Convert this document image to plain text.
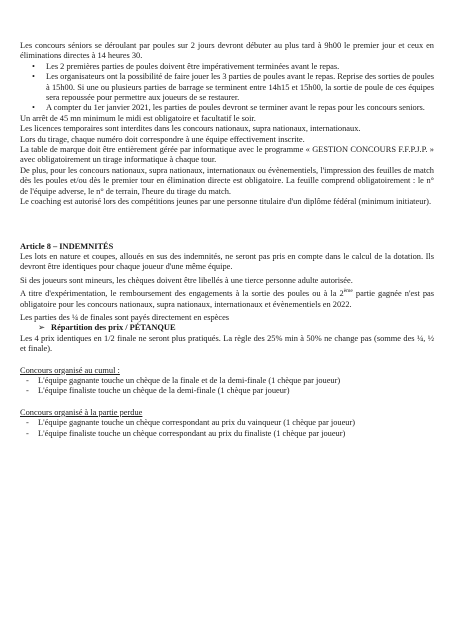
Les concours séniors se déroulant par poules sur 2 jours devront débuter au plus tard à 9h00 le premier jour et ceux en éliminations directes à 14 heures 30.

• Les 2 premières parties de poules doivent être impérativement terminées avant le repas.
• Les organisateurs ont la possibilité de faire jouer les 3 parties de poules avant le repas. Reprise des sorties de poules à 15h00. Si une ou plusieurs parties de barrage se terminent entre 14h15 et 15h00, la sortie de poule de ces équipes sera repoussée pour permettre aux joueurs de se restaurer.
• A compter du 1er janvier 2021, les parties de poules devront se terminer avant le repas pour les concours seniors.

Un arrêt de 45 mn minimum le midi est obligatoire et facultatif le soir.

Les licences temporaires sont interdites dans les concours nationaux, supra nationaux, internationaux.

Lors du tirage, chaque numéro doit correspondre à une équipe effectivement inscrite.

La table de marque doit être entièrement gérée par informatique avec le programme « GESTION CONCOURS F.F.P.J.P. » avec obligatoirement un tirage informatique à chaque tour.

De plus, pour les concours nationaux, supra nationaux, internationaux ou évènementiels, l'impression des feuilles de match dès les poules et/ou dès le premier tour en élimination directe est obligatoire. La feuille comprend obligatoirement : le n° de l'équipe adverse, le n° de terrain, l'heure du tirage du match.

Le coaching est autorisé lors des compétitions jeunes par une personne titulaire d'un diplôme fédéral (minimum initiateur).

Article 8 – INDEMNITÉS

Les lots en nature et coupes, alloués en sus des indemnités, ne seront pas pris en compte dans le calcul de la dotation. Ils devront être identiques pour chaque joueur d'une même équipe.

Si des joueurs sont mineurs, les chèques doivent être libellés à une tierce personne adulte autorisée.

A titre d'expérimentation, le remboursement des engagements à la sortie des poules ou à la 2ème partie gagnée n'est pas obligatoire pour les concours nationaux, supra nationaux, internationaux et évènementiels en 2022.

Les parties des ¼ de finales sont payés directement en espèces

➢ Répartition des prix / PÉTANQUE

Les 4 prix identiques en 1/2 finale ne seront plus pratiqués. La règle des 25% min à 50% ne change pas (somme des ¼, ½ et finale).

Concours organisé au cumul :

- L'équipe gagnante touche un chèque de la finale et de la demi-finale (1 chèque par joueur)
- L'équipe finaliste touche un chèque de la demi-finale (1 chèque par joueur)

Concours organisé à la partie perdue

- L'équipe gagnante touche un chèque correspondant au prix du vainqueur (1 chèque par joueur)
- L'équipe finaliste touche un chèque correspondant au prix du finaliste (1 chèque par joueur)
